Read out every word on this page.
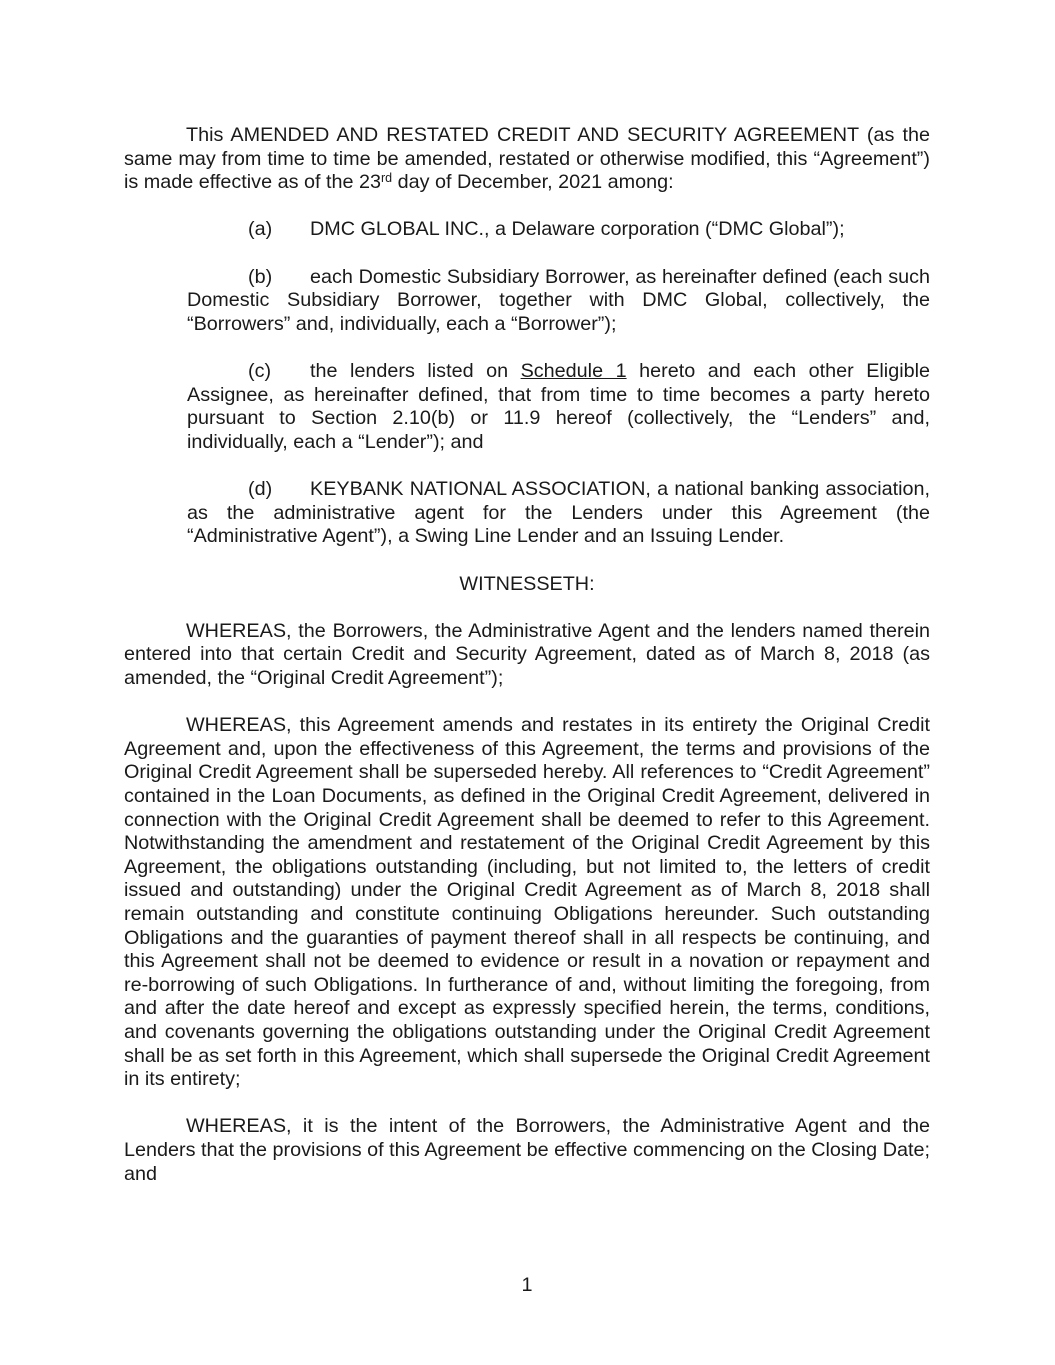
This AMENDED AND RESTATED CREDIT AND SECURITY AGREEMENT (as the same may from time to time be amended, restated or otherwise modified, this “Agreement”) is made effective as of the 23rd day of December, 2021 among:

(a) DMC GLOBAL INC., a Delaware corporation (“DMC Global”);

(b) each Domestic Subsidiary Borrower, as hereinafter defined (each such Domestic Subsidiary Borrower, together with DMC Global, collectively, the “Borrowers” and, individually, each a “Borrower”);

(c) the lenders listed on Schedule 1 hereto and each other Eligible Assignee, as hereinafter defined, that from time to time becomes a party hereto pursuant to Section 2.10(b) or 11.9 hereof (collectively, the “Lenders” and, individually, each a “Lender”); and

(d) KEYBANK NATIONAL ASSOCIATION, a national banking association, as the administrative agent for the Lenders under this Agreement (the “Administrative Agent”), a Swing Line Lender and an Issuing Lender.

WITNESSETH:

WHEREAS, the Borrowers, the Administrative Agent and the lenders named therein entered into that certain Credit and Security Agreement, dated as of March 8, 2018 (as amended, the “Original Credit Agreement”);

WHEREAS, this Agreement amends and restates in its entirety the Original Credit Agreement and, upon the effectiveness of this Agreement, the terms and provisions of the Original Credit Agreement shall be superseded hereby. All references to “Credit Agreement” contained in the Loan Documents, as defined in the Original Credit Agreement, delivered in connection with the Original Credit Agreement shall be deemed to refer to this Agreement. Notwithstanding the amendment and restatement of the Original Credit Agreement by this Agreement, the obligations outstanding (including, but not limited to, the letters of credit issued and outstanding) under the Original Credit Agreement as of March 8, 2018 shall remain outstanding and constitute continuing Obligations hereunder. Such outstanding Obligations and the guaranties of payment thereof shall in all respects be continuing, and this Agreement shall not be deemed to evidence or result in a novation or repayment and re-borrowing of such Obligations. In furtherance of and, without limiting the foregoing, from and after the date hereof and except as expressly specified herein, the terms, conditions, and covenants governing the obligations outstanding under the Original Credit Agreement shall be as set forth in this Agreement, which shall supersede the Original Credit Agreement in its entirety;

WHEREAS, it is the intent of the Borrowers, the Administrative Agent and the Lenders that the provisions of this Agreement be effective commencing on the Closing Date; and

1
